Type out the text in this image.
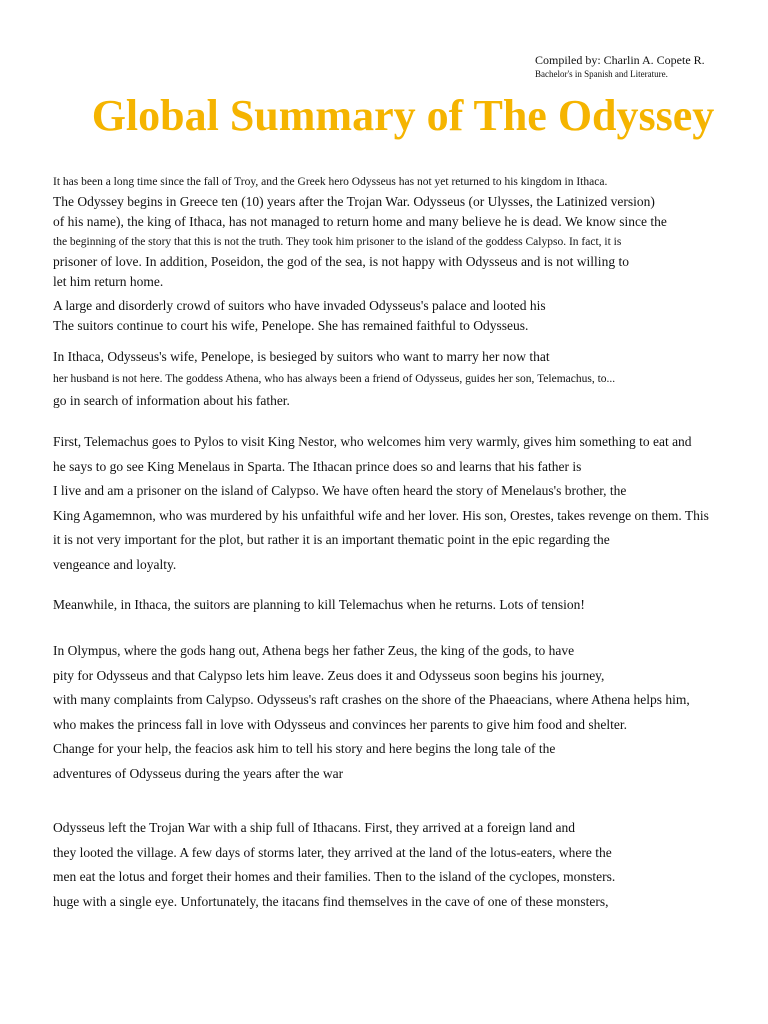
Compiled by: Charlin A. Copete R.
Bachelor's in Spanish and Literature.
Global Summary of The Odyssey
It has been a long time since the fall of Troy, and the Greek hero Odysseus has not yet returned to his kingdom in Ithaca.
The Odyssey begins in Greece ten (10) years after the Trojan War. Odysseus (or Ulysses, the Latinized version)
of his name), the king of Ithaca, has not managed to return home and many believe he is dead. We know since the
the beginning of the story that this is not the truth. They took him prisoner to the island of the goddess Calypso. In fact, it is
prisoner of love. In addition, Poseidon, the god of the sea, is not happy with Odysseus and is not willing to
let him return home.
A large and disorderly crowd of suitors who have invaded Odysseus's palace and looted his
The suitors continue to court his wife, Penelope. She has remained faithful to Odysseus.
In Ithaca, Odysseus's wife, Penelope, is besieged by suitors who want to marry her now that
her husband is not here. The goddess Athena, who has always been a friend of Odysseus, guides her son, Telemachus, to...
go in search of information about his father.
First, Telemachus goes to Pylos to visit King Nestor, who welcomes him very warmly, gives him something to eat and
he says to go see King Menelaus in Sparta. The Ithacan prince does so and learns that his father is
I live and am a prisoner on the island of Calypso. We have often heard the story of Menelaus's brother, the
King Agamemnon, who was murdered by his unfaithful wife and her lover. His son, Orestes, takes revenge on them. This
it is not very important for the plot, but rather it is an important thematic point in the epic regarding the
vengeance and loyalty.
Meanwhile, in Ithaca, the suitors are planning to kill Telemachus when he returns. Lots of tension!
In Olympus, where the gods hang out, Athena begs her father Zeus, the king of the gods, to have
pity for Odysseus and that Calypso lets him leave. Zeus does it and Odysseus soon begins his journey,
with many complaints from Calypso. Odysseus's raft crashes on the shore of the Phaeacians, where Athena helps him,
who makes the princess fall in love with Odysseus and convinces her parents to give him food and shelter.
Change for your help, the feacios ask him to tell his story and here begins the long tale of the
adventures of Odysseus during the years after the war
Odysseus left the Trojan War with a ship full of Ithacans. First, they arrived at a foreign land and
they looted the village. A few days of storms later, they arrived at the land of the lotus-eaters, where the
men eat the lotus and forget their homes and their families. Then to the island of the cyclopes, monsters.
huge with a single eye. Unfortunately, the itacans find themselves in the cave of one of these monsters,
